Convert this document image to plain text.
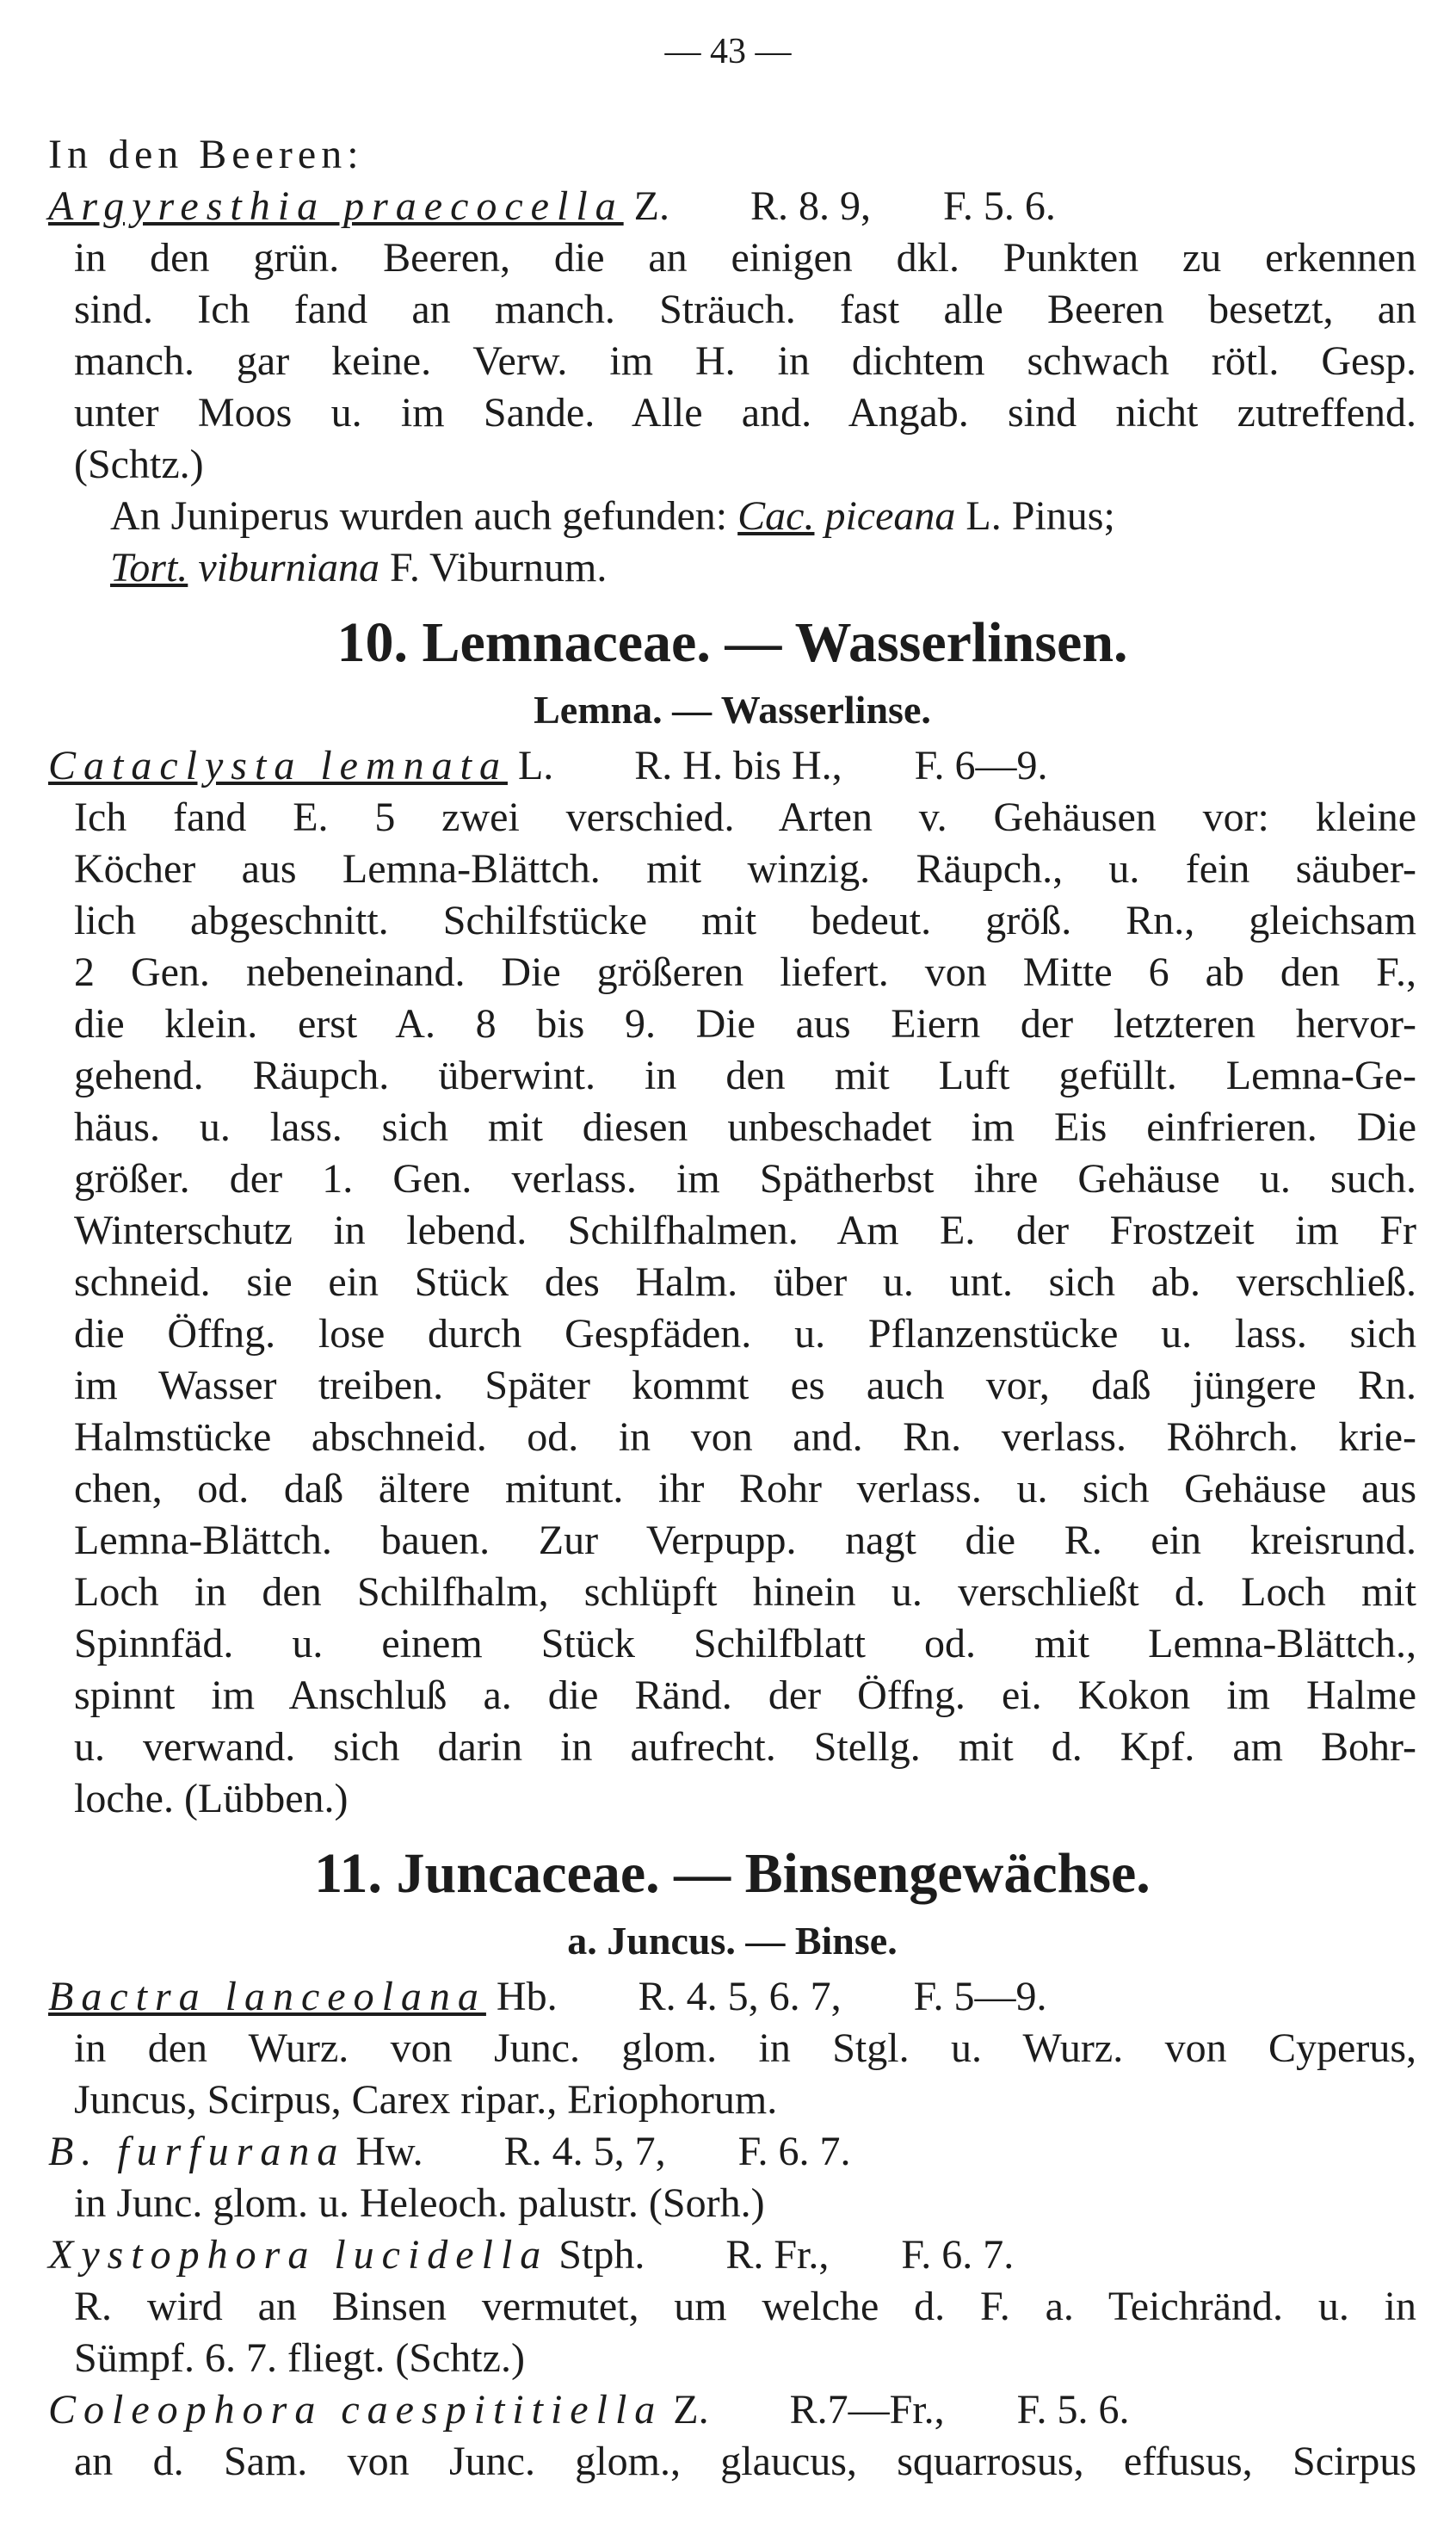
— 43 —
In den Beeren:
Argyresthia praecocella Z. R. 8. 9, F. 5. 6.
in den grün. Beeren, die an einigen dkl. Punkten zu erkennen
sind. Ich fand an manch. Sträuch. fast alle Beeren besetzt, an
manch. gar keine. Verw. im H. in dichtem schwach rötl. Gesp.
unter Moos u. im Sande. Alle and. Angab. sind nicht zutreffend.
(Schtz.)
An Juniperus wurden auch gefunden: Cac. piceana L. Pinus;
Tort. viburniana F. Viburnum.
10. Lemnaceae. — Wasserlinsen.
Lemna. — Wasserlinse.
Cataclysta lemnata L. R. H. bis H., F. 6—9.
Ich fand E. 5 zwei verschied. Arten v. Gehäusen vor: kleine
Köcher aus Lemna-Blättch. mit winzig. Räupch., u. fein säuber-
lich abgeschnitt. Schilfstücke mit bedeut. größ. Rn., gleichsam
2 Gen. nebeneinand. Die größeren liefert. von Mitte 6 ab den F.,
die klein. erst A. 8 bis 9. Die aus Eiern der letzteren hervor-
gehend. Räupch. überwint. in den mit Luft gefüllt. Lemna-Ge-
häus. u. lass. sich mit diesen unbeschadet im Eis einfrieren. Die
größer. der 1. Gen. verlass. im Spätherbst ihre Gehäuse u. such.
Winterschutz in lebend. Schilfhalmen. Am E. der Frostzeit im Fr
schneid. sie ein Stück des Halm. über u. unt. sich ab. verschließ.
die Öffng. lose durch Gespfäden. u. Pflanzenstücke u. lass. sich
im Wasser treiben. Später kommt es auch vor, daß jüngere Rn.
Halmstücke abschneid. od. in von and. Rn. verlass. Röhrch. krie-
chen, od. daß ältere mitunt. ihr Rohr verlass. u. sich Gehäuse aus
Lemna-Blättch. bauen. Zur Verpupp. nagt die R. ein kreisrund.
Loch in den Schilfhalm, schlüpft hinein u. verschließt d. Loch mit
Spinnfäd. u. einem Stück Schilfblatt od. mit Lemna-Blättch.,
spinnt im Anschluß a. die Ränd. der Öffng. ei. Kokon im Halme
u. verwand. sich darin in aufrecht. Stellg. mit d. Kpf. am Bohr-
loche. (Lübben.)
11. Juncaceae. — Binsengewächse.
a. Juncus. — Binse.
Bactra lanceolana Hb. R. 4. 5, 6. 7, F. 5—9.
in den Wurz. von Junc. glom. in Stgl. u. Wurz. von Cyperus,
Juncus, Scirpus, Carex ripar., Eriophorum.
B. furfurana Hw. R. 4. 5, 7, F. 6. 7.
in Junc. glom. u. Heleoch. palustr. (Sorh.)
Xystophora lucidella Stph. R. Fr., F. 6. 7.
R. wird an Binsen vermutet, um welche d. F. a. Teichränd. u. in
Sümpf. 6. 7. fliegt. (Schtz.)
Coleophora caespititiella Z. R.7—Fr., F. 5. 6.
an d. Sam. von Junc. glom., glaucus, squarrosus, effusus, Scirpus
